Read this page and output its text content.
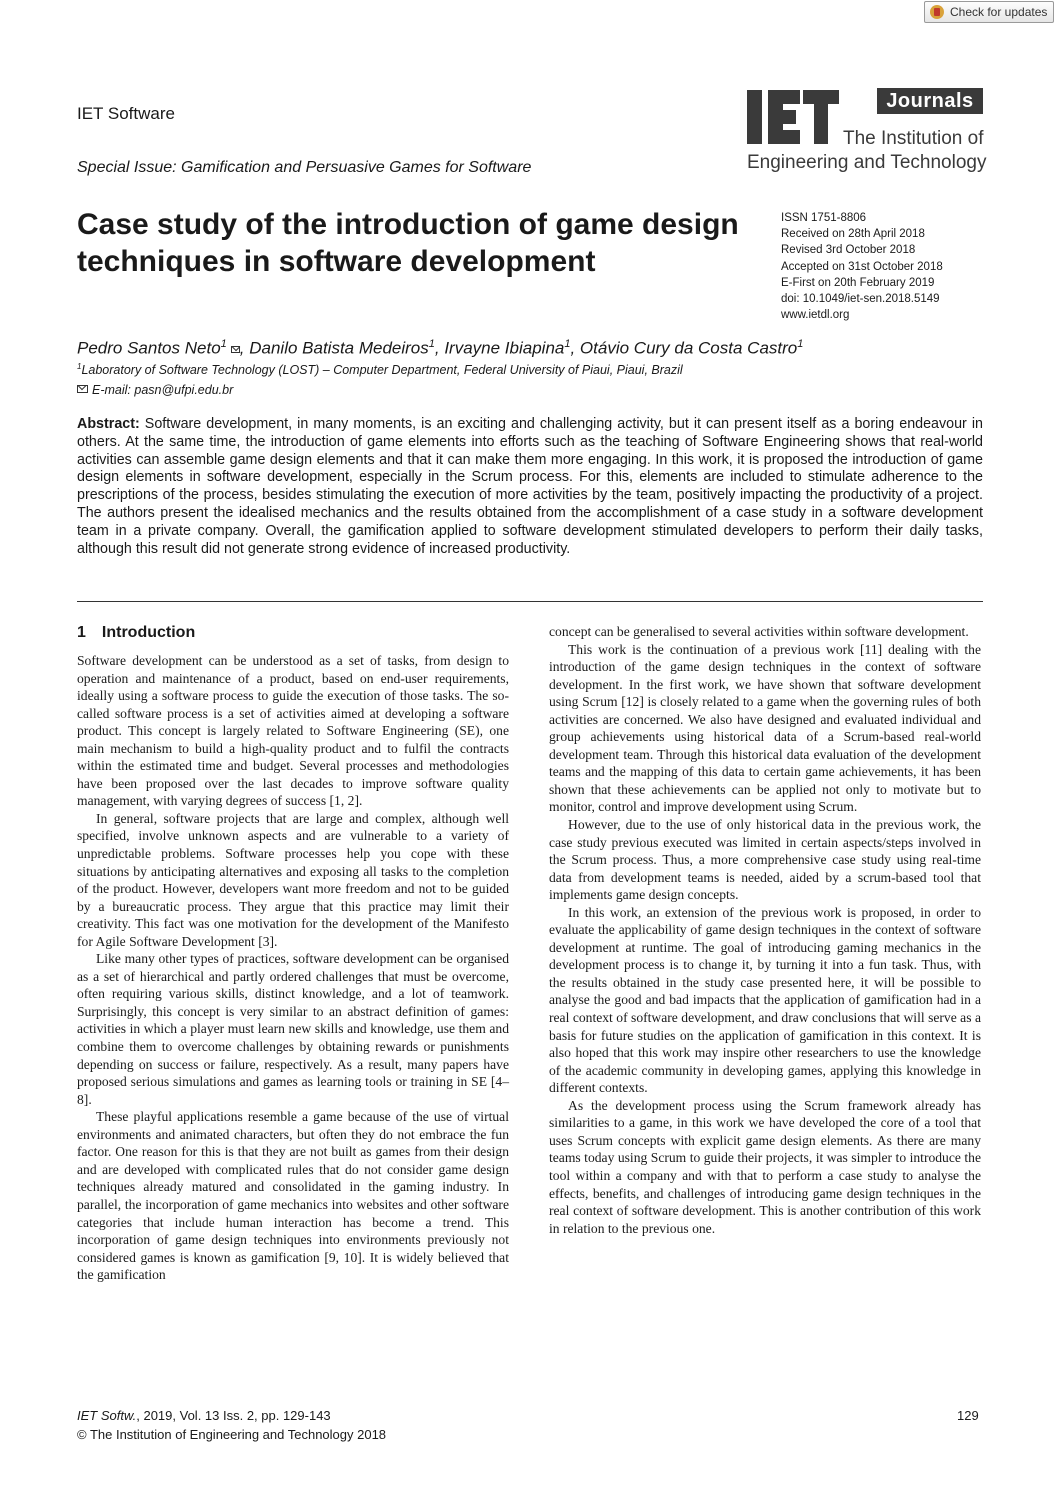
Check for updates
IET Software
Special Issue: Gamification and Persuasive Games for Software
Journals
The Institution of
Engineering and Technology
Case study of the introduction of game design techniques in software development
ISSN 1751-8806
Received on 28th April 2018
Revised 3rd October 2018
Accepted on 31st October 2018
E-First on 20th February 2019
doi: 10.1049/iet-sen.2018.5149
www.ietdl.org
Pedro Santos Neto$^1$ , Danilo Batista Medeiros$^1$, Irvayne Ibiapina$^1$, Otávio Cury da Costa Castro$^1$
$^1$Laboratory of Software Technology (LOST) – Computer Department, Federal University of Piaui, Piaui, Brazil
E-mail: pasn@ufpi.edu.br
Abstract: Software development, in many moments, is an exciting and challenging activity, but it can present itself as a boring endeavour in others. At the same time, the introduction of game elements into efforts such as the teaching of Software Engineering shows that real-world activities can assemble game design elements and that it can make them more engaging. In this work, it is proposed the introduction of game design elements in software development, especially in the Scrum process. For this, elements are included to stimulate adherence to the prescriptions of the process, besides stimulating the execution of more activities by the team, positively impacting the productivity of a project. The authors present the idealised mechanics and the results obtained from the accomplishment of a case study in a software development team in a private company. Overall, the gamification applied to software development stimulated developers to perform their daily tasks, although this result did not generate strong evidence of increased productivity.
1 Introduction

Software development can be understood as a set of tasks, from design to operation and maintenance of a product, based on end-user requirements, ideally using a software process to guide the execution of those tasks. The so-called software process is a set of activities aimed at developing a software product. This concept is largely related to Software Engineering (SE), one main mechanism to build a high-quality product and to fulfil the contracts within the estimated time and budget. Several processes and methodologies have been proposed over the last decades to improve software quality management, with varying degrees of success [1, 2].

In general, software projects that are large and complex, although well specified, involve unknown aspects and are vulnerable to a variety of unpredictable problems. Software processes help you cope with these situations by anticipating alternatives and exposing all tasks to the completion of the product. However, developers want more freedom and not to be guided by a bureaucratic process. They argue that this practice may limit their creativity. This fact was one motivation for the development of the Manifesto for Agile Software Development [3].

Like many other types of practices, software development can be organised as a set of hierarchical and partly ordered challenges that must be overcome, often requiring various skills, distinct knowledge, and a lot of teamwork. Surprisingly, this concept is very similar to an abstract definition of games: activities in which a player must learn new skills and knowledge, use them and combine them to overcome challenges by obtaining rewards or punishments depending on success or failure, respectively. As a result, many papers have proposed serious simulations and games as learning tools or training in SE [4–8].

These playful applications resemble a game because of the use of virtual environments and animated characters, but often they do not embrace the fun factor. One reason for this is that they are not built as games from their design and are developed with complicated rules that do not consider game design techniques already matured and consolidated in the gaming industry. In parallel, the incorporation of game mechanics into websites and other software categories that include human interaction has become a trend. This incorporation of game design techniques into environments previously not considered games is known as gamification [9, 10]. It is widely believed that the gamification

concept can be generalised to several activities within software development.

This work is the continuation of a previous work [11] dealing with the introduction of the game design techniques in the context of software development. In the first work, we have shown that software development using Scrum [12] is closely related to a game when the governing rules of both activities are concerned. We also have designed and evaluated individual and group achievements using historical data of a Scrum-based real-world development team. Through this historical data evaluation of the development teams and the mapping of this data to certain game achievements, it has been shown that these achievements can be applied not only to motivate but to monitor, control and improve development using Scrum.

However, due to the use of only historical data in the previous work, the case study previous executed was limited in certain aspects/steps involved in the Scrum process. Thus, a more comprehensive case study using real-time data from development teams is needed, aided by a scrum-based tool that implements game design concepts.

In this work, an extension of the previous work is proposed, in order to evaluate the applicability of game design techniques in the context of software development at runtime. The goal of introducing gaming mechanics in the development process is to change it, by turning it into a fun task. Thus, with the results obtained in the study case presented here, it will be possible to analyse the good and bad impacts that the application of gamification had in a real context of software development, and draw conclusions that will serve as a basis for future studies on the application of gamification in this context. It is also hoped that this work may inspire other researchers to use the knowledge of the academic community in developing games, applying this knowledge in different contexts.

As the development process using the Scrum framework already has similarities to a game, in this work we have developed the core of a tool that uses Scrum concepts with explicit game design elements. As there are many teams today using Scrum to guide their projects, it was simpler to introduce the tool within a company and with that to perform a case study to analyse the effects, benefits, and challenges of introducing game design techniques in the real context of software development. This is another contribution of this work in relation to the previous one.

IET Softw., 2019, Vol. 13 Iss. 2, pp. 129-143
© The Institution of Engineering and Technology 2018
129
